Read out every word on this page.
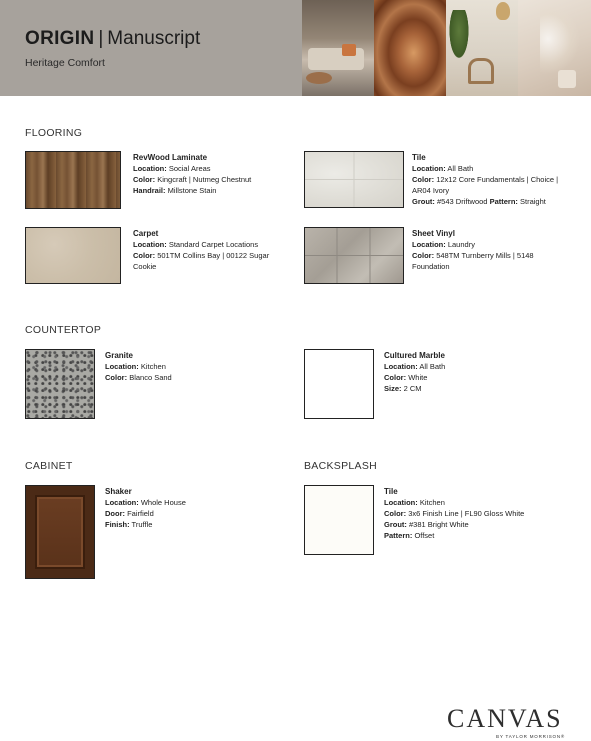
ORIGIN | Manuscript
Heritage Comfort
FLOORING
RevWood Laminate
Location: Social Areas
Color: Kingcraft | Nutmeg Chestnut
Handrail: Millstone Stain
Tile
Location: All Bath
Color: 12x12 Core Fundamentals | Choice |
AR04 Ivory
Grout: #543 Driftwood Pattern: Straight
Carpet
Location: Standard Carpet Locations
Color: 501TM Collins Bay | 00122 Sugar
Cookie
Sheet Vinyl
Location: Laundry
Color: 548TM Turnberry Mills | 5148
Foundation
COUNTERTOP
Granite
Location: Kitchen
Color: Blanco Sand
Cultured Marble
Location: All Bath
Color: White
Size: 2 CM
CABINET	BACKSPLASH
Shaker
Location: Whole House
Door: Fairfield
Finish: Truffle
Tile
Location: Kitchen
Color: 3x6 Finish Line | FL90 Gloss White
Grout: #381 Bright White
Pattern: Offset
CANVAS
BY TAYLOR MORRISON®
